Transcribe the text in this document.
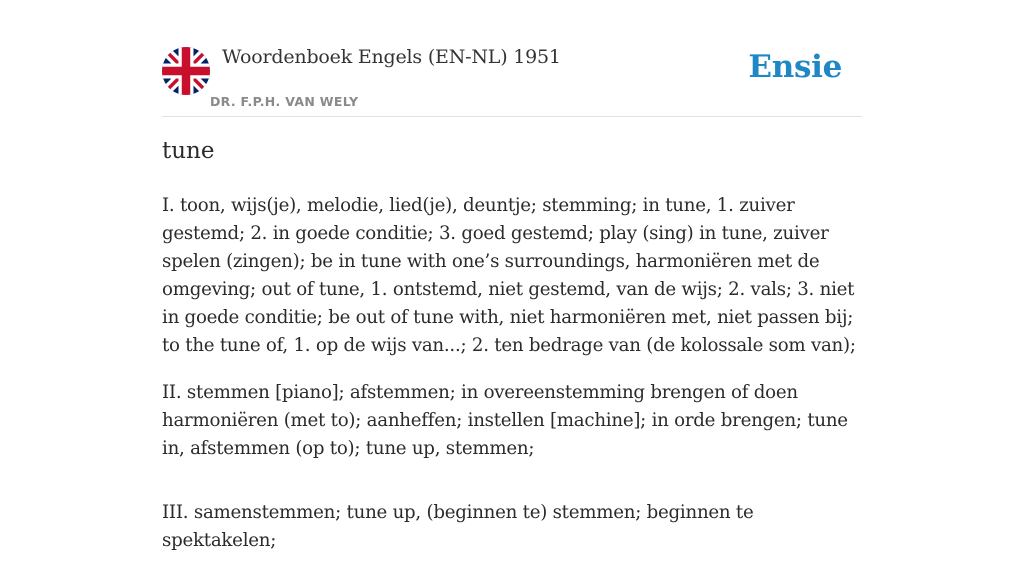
Woordenboek Engels (EN-NL) 1951
DR. F.P.H. VAN WELY
Ensie
tune

I. toon, wijs(je), melodie, lied(je), deuntje; stemming; in tune, 1. zuiver gestemd; 2. in goede conditie; 3. goed gestemd; play (sing) in tune, zuiver spelen (zingen); be in tune with one’s surroundings, harmoniëren met de omgeving; out of tune, 1. ontstemd, niet gestemd, van de wijs; 2. vals; 3. niet in goede conditie; be out of tune with, niet harmoniëren met, niet passen bij; to the tune of, 1. op de wijs van...; 2. ten bedrage van (de kolossale som van);

II. stemmen [piano]; afstemmen; in overeenstemming brengen of doen harmoniëren (met to); aanheffen; instellen [machine]; in orde brengen; tune in, afstemmen (op to); tune up, stemmen;

III. samenstemmen; tune up, (beginnen te) stemmen; beginnen te spektakelen;
